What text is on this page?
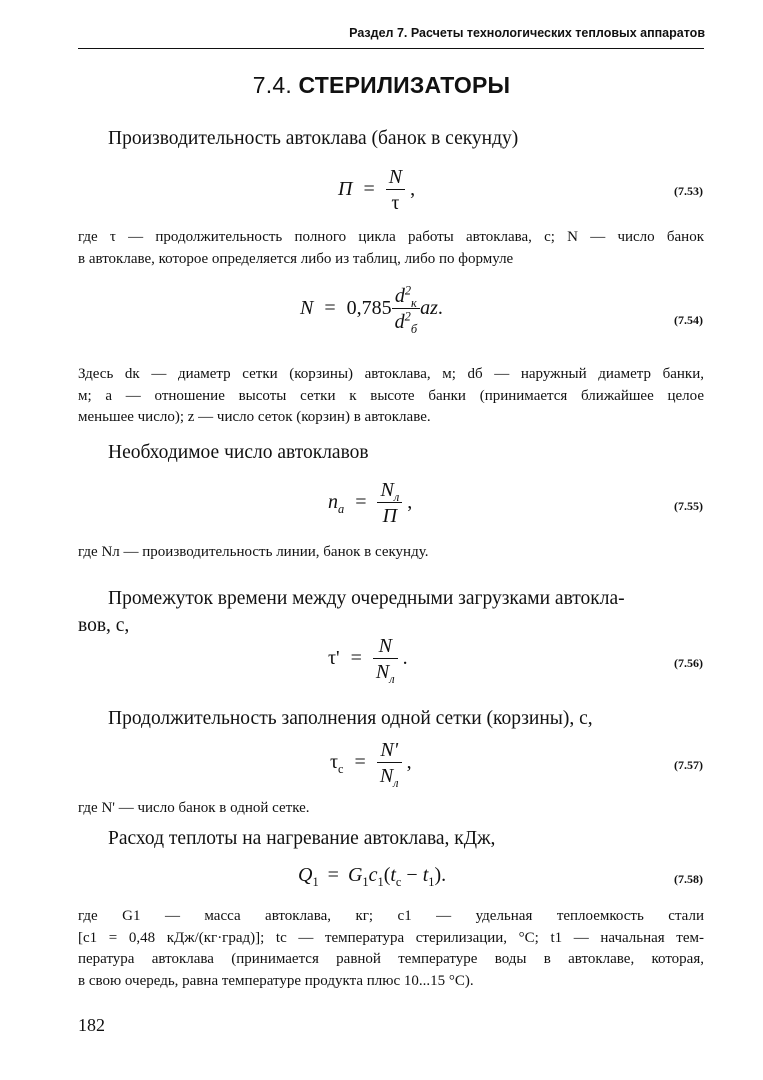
Раздел 7. Расчеты технологических тепловых аппаратов
7.4. СТЕРИЛИЗАТОРЫ
Производительность автоклава (банок в секунду)
$П = \frac{N}{\tau}$ ,	(7.53)
где τ — продолжительность полного цикла работы автоклава, с; N — число банок
в автоклаве, которое определяется либо из таблиц, либо по формуле
$N = 0,785 \frac{d^2_к}{d^2_б}$ az.
(7.54)
Здесь dк — диаметр сетки (корзины) автоклава, м; dб — наружный диаметр банки,
м; a — отношение высоты сетки к высоте банки (принимается ближайшее целое
меньшее число); z — число сеток (корзин) в автоклаве.
Необходимое число автоклавов
$n_а = \frac{N_л}{П}$ ,	(7.55)
где Nл — производительность линии, банок в секунду.
Промежуток времени между очередными загрузками автокла-
вов, с,
$\tau' = \frac{N}{N_л}$ .	(7.56)
Продолжительность заполнения одной сетки (корзины), с,
$\tau_с = \frac{N'}{N_л}$ ,	(7.57)
где N' — число банок в одной сетке.
Расход теплоты на нагревание автоклава, кДж,
$Q_1 = G_1c_1(t_с - t_1)$.	(7.58)
где   G1   —   масса   автоклава,   кг;   c1   —   удельная   теплоемкость   стали
[c1 = 0,48 кДж/(кг·град)]; tс — температура стерилизации, °C; t1 — начальная тем-
пература автоклава (принимается равной температуре воды в автоклаве, которая,
в свою очередь, равна температуре продукта плюс 10...15 °C).
182
